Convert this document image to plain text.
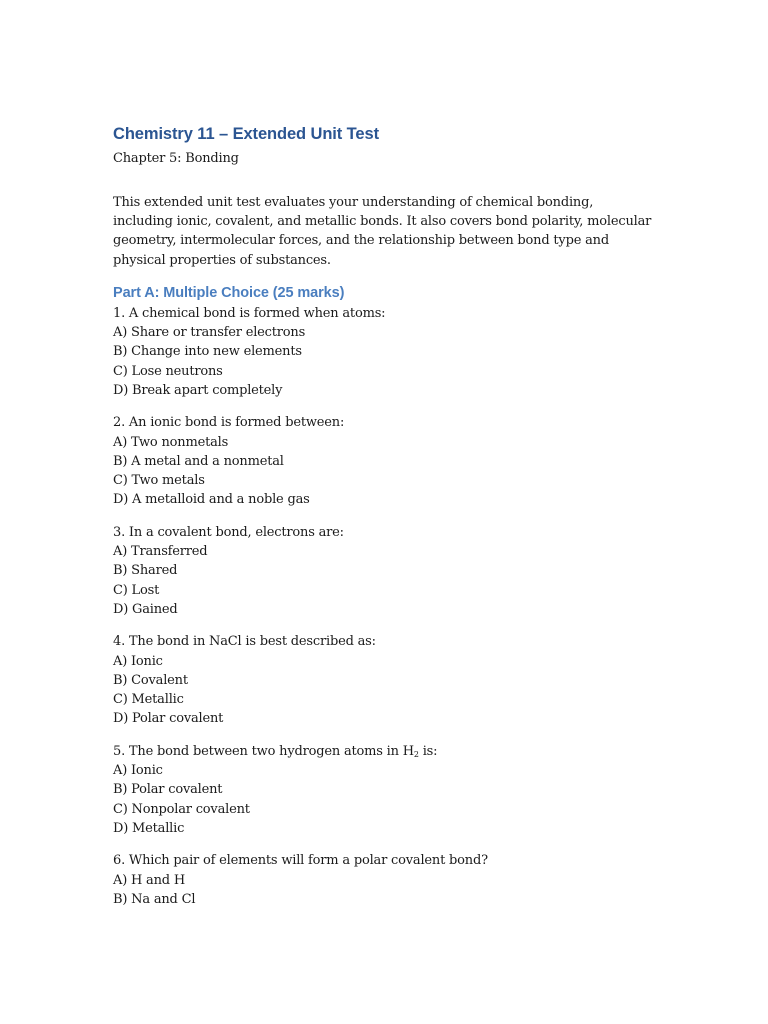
Chemistry 11 – Extended Unit Test

Chapter 5: Bonding

This extended unit test evaluates your understanding of chemical bonding, including ionic, covalent, and metallic bonds. It also covers bond polarity, molecular geometry, intermolecular forces, and the relationship between bond type and physical properties of substances.

Part A: Multiple Choice (25 marks)

1. A chemical bond is formed when atoms:

A) Share or transfer electrons

B) Change into new elements

C) Lose neutrons

D) Break apart completely

2. An ionic bond is formed between:

A) Two nonmetals

B) A metal and a nonmetal

C) Two metals

D) A metalloid and a noble gas

3. In a covalent bond, electrons are:

A) Transferred

B) Shared

C) Lost

D) Gained

4. The bond in NaCl is best described as:

A) Ionic

B) Covalent

C) Metallic

D) Polar covalent

5. The bond between two hydrogen atoms in $H_2$ is:

A) Ionic

B) Polar covalent

C) Nonpolar covalent

D) Metallic

6. Which pair of elements will form a polar covalent bond?

A) H and H

B) Na and Cl
